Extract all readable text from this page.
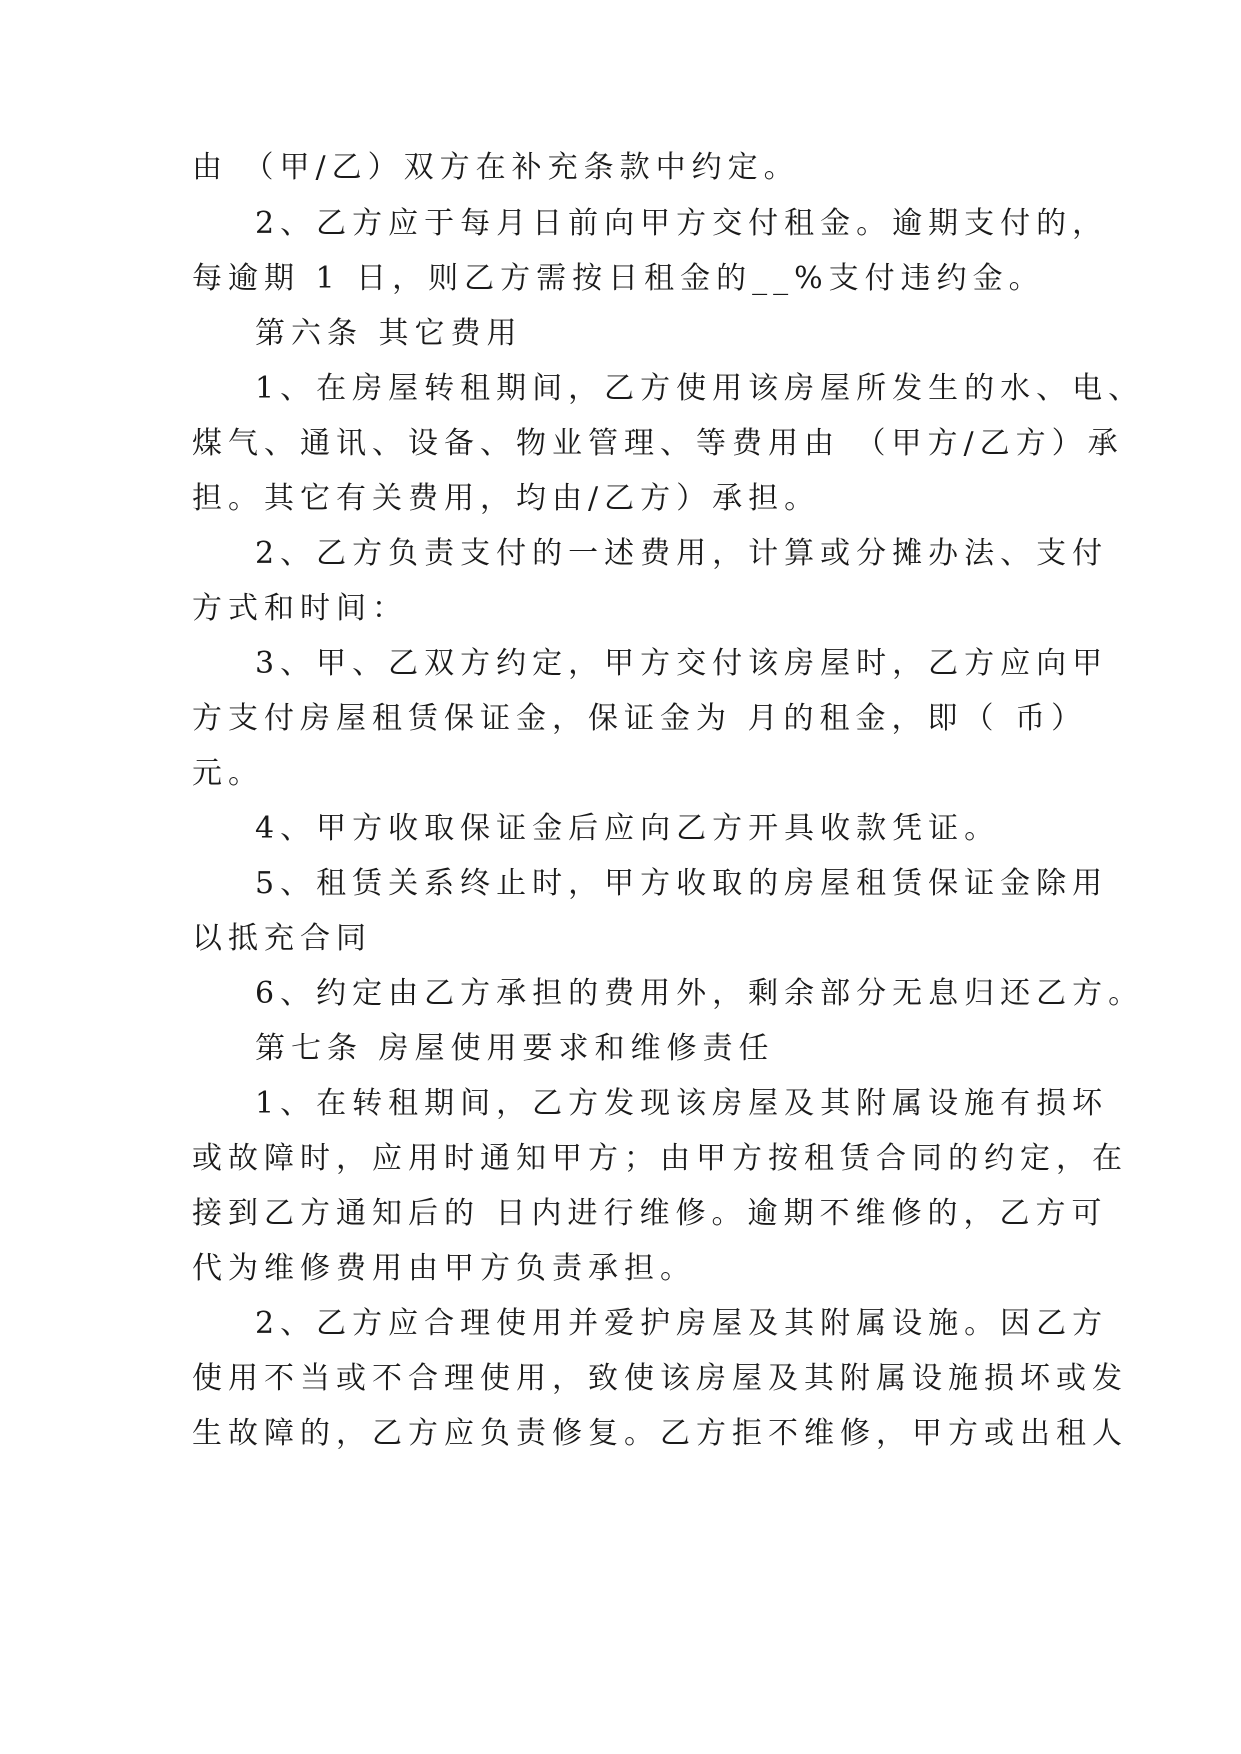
由 （甲/乙）双方在补充条款中约定。
2、乙方应于每月日前向甲方交付租金。逾期支付的，
每逾期 1 日，则乙方需按日租金的__%支付违约金。
第六条 其它费用
1、在房屋转租期间，乙方使用该房屋所发生的水、电、
煤气、通讯、设备、物业管理、等费用由 （甲方/乙方）承
担。其它有关费用，均由/乙方）承担。
2、乙方负责支付的一述费用，计算或分摊办法、支付
方式和时间：
3、甲、乙双方约定，甲方交付该房屋时，乙方应向甲
方支付房屋租赁保证金，保证金为 月的租金，即（ 币）
元。
4、甲方收取保证金后应向乙方开具收款凭证。
5、租赁关系终止时，甲方收取的房屋租赁保证金除用
以抵充合同
6、约定由乙方承担的费用外，剩余部分无息归还乙方。
第七条 房屋使用要求和维修责任
1、在转租期间，乙方发现该房屋及其附属设施有损坏
或故障时，应用时通知甲方；由甲方按租赁合同的约定，在
接到乙方通知后的 日内进行维修。逾期不维修的，乙方可
代为维修费用由甲方负责承担。
2、乙方应合理使用并爱护房屋及其附属设施。因乙方
使用不当或不合理使用，致使该房屋及其附属设施损坏或发
生故障的，乙方应负责修复。乙方拒不维修，甲方或出租人
